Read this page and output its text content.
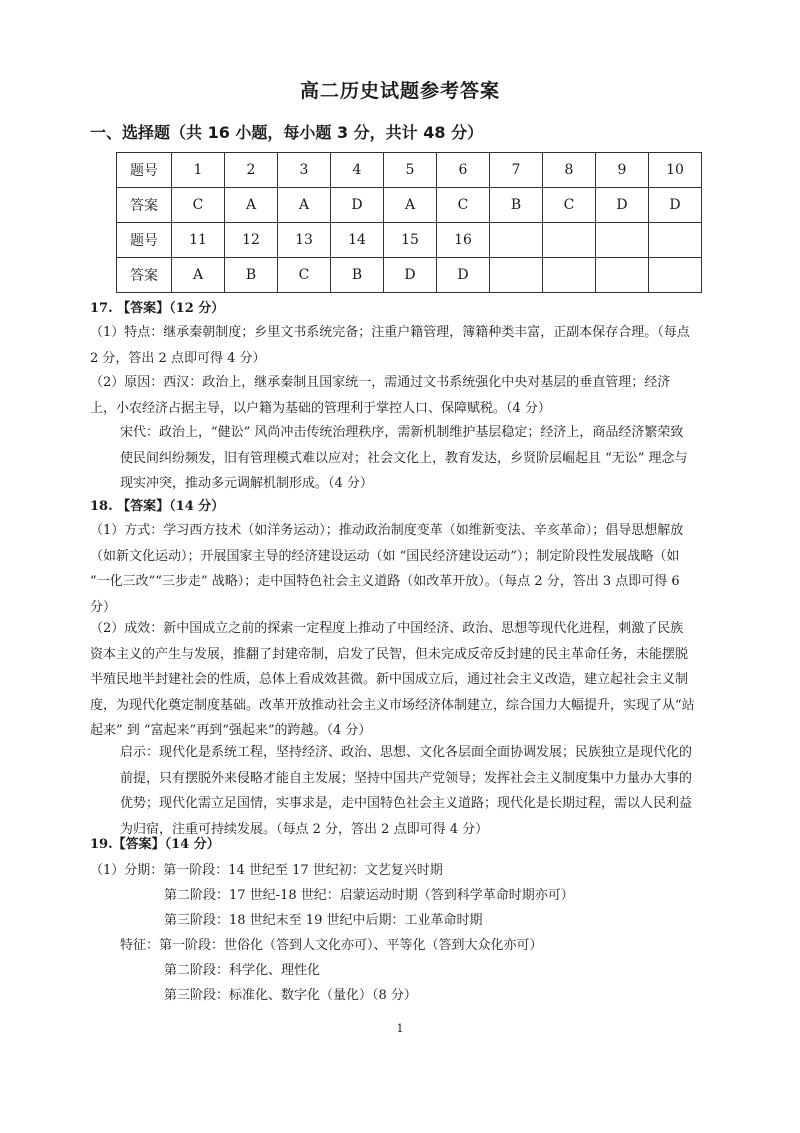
高二历史试题参考答案
一、选择题（共 16 小题，每小题 3 分，共计 48 分）
题号	1	2	3	4	5	6	7	8	9	10
答案	C	A	A	D	A	C	B	C	D	D
题号	11	12	13	14	15	16				
答案	A	B	C	B	D	D				
17. 【答案】（12 分）
（1）特点：继承秦朝制度；乡里文书系统完备；注重户籍管理，簿籍种类丰富，正副本保存合理。（每点 2 分，答出 2 点即可得 4 分）
（2）原因：西汉：政治上，继承秦制且国家统一，需通过文书系统强化中央对基层的垂直管理；经济上，小农经济占据主导，以户籍为基础的管理利于掌控人口、保障赋税。（4 分）
宋代：政治上，“健讼” 风尚冲击传统治理秩序，需新机制维护基层稳定；经济上，商品经济繁荣致使民间纠纷频发，旧有管理模式难以应对；社会文化上，教育发达，乡贤阶层崛起且 “无讼” 理念与现实冲突，推动多元调解机制形成。（4 分）
18. 【答案】（14 分）
（1）方式：学习西方技术（如洋务运动）；推动政治制度变革（如维新变法、辛亥革命）；倡导思想解放（如新文化运动）；开展国家主导的经济建设运动（如 “国民经济建设运动”）；制定阶段性发展战略（如 “一化三改”“三步走” 战略）；走中国特色社会主义道路（如改革开放）。（每点 2 分，答出 3 点即可得 6 分）
（2）成效：新中国成立之前的探索一定程度上推动了中国经济、政治、思想等现代化进程，刺激了民族资本主义的产生与发展，推翻了封建帝制，启发了民智，但未完成反帝反封建的民主革命任务，未能摆脱半殖民地半封建社会的性质，总体上看成效甚微。新中国成立后，通过社会主义改造，建立起社会主义制度，为现代化奠定制度基础。改革开放推动社会主义市场经济体制建立，综合国力大幅提升，实现了从“站起来” 到 “富起来”再到“强起来”的跨越。（4 分）
启示：现代化是系统工程，坚持经济、政治、思想、文化各层面全面协调发展；民族独立是现代化的前提，只有摆脱外来侵略才能自主发展；坚持中国共产党领导；发挥社会主义制度集中力量办大事的优势；现代化需立足国情，实事求是，走中国特色社会主义道路；现代化是长期过程，需以人民利益为归宿，注重可持续发展。（每点 2 分，答出 2 点即可得 4 分）
19.【答案】（14 分）
（1）分期：第一阶段：14 世纪至 17 世纪初：文艺复兴时期
第二阶段：17 世纪-18 世纪：启蒙运动时期（答到科学革命时期亦可）
第三阶段：18 世纪末至 19 世纪中后期：工业革命时期
特征：第一阶段：世俗化（答到人文化亦可）、平等化（答到大众化亦可）
第二阶段：科学化、理性化
第三阶段：标准化、数字化（量化）（8 分）
1
